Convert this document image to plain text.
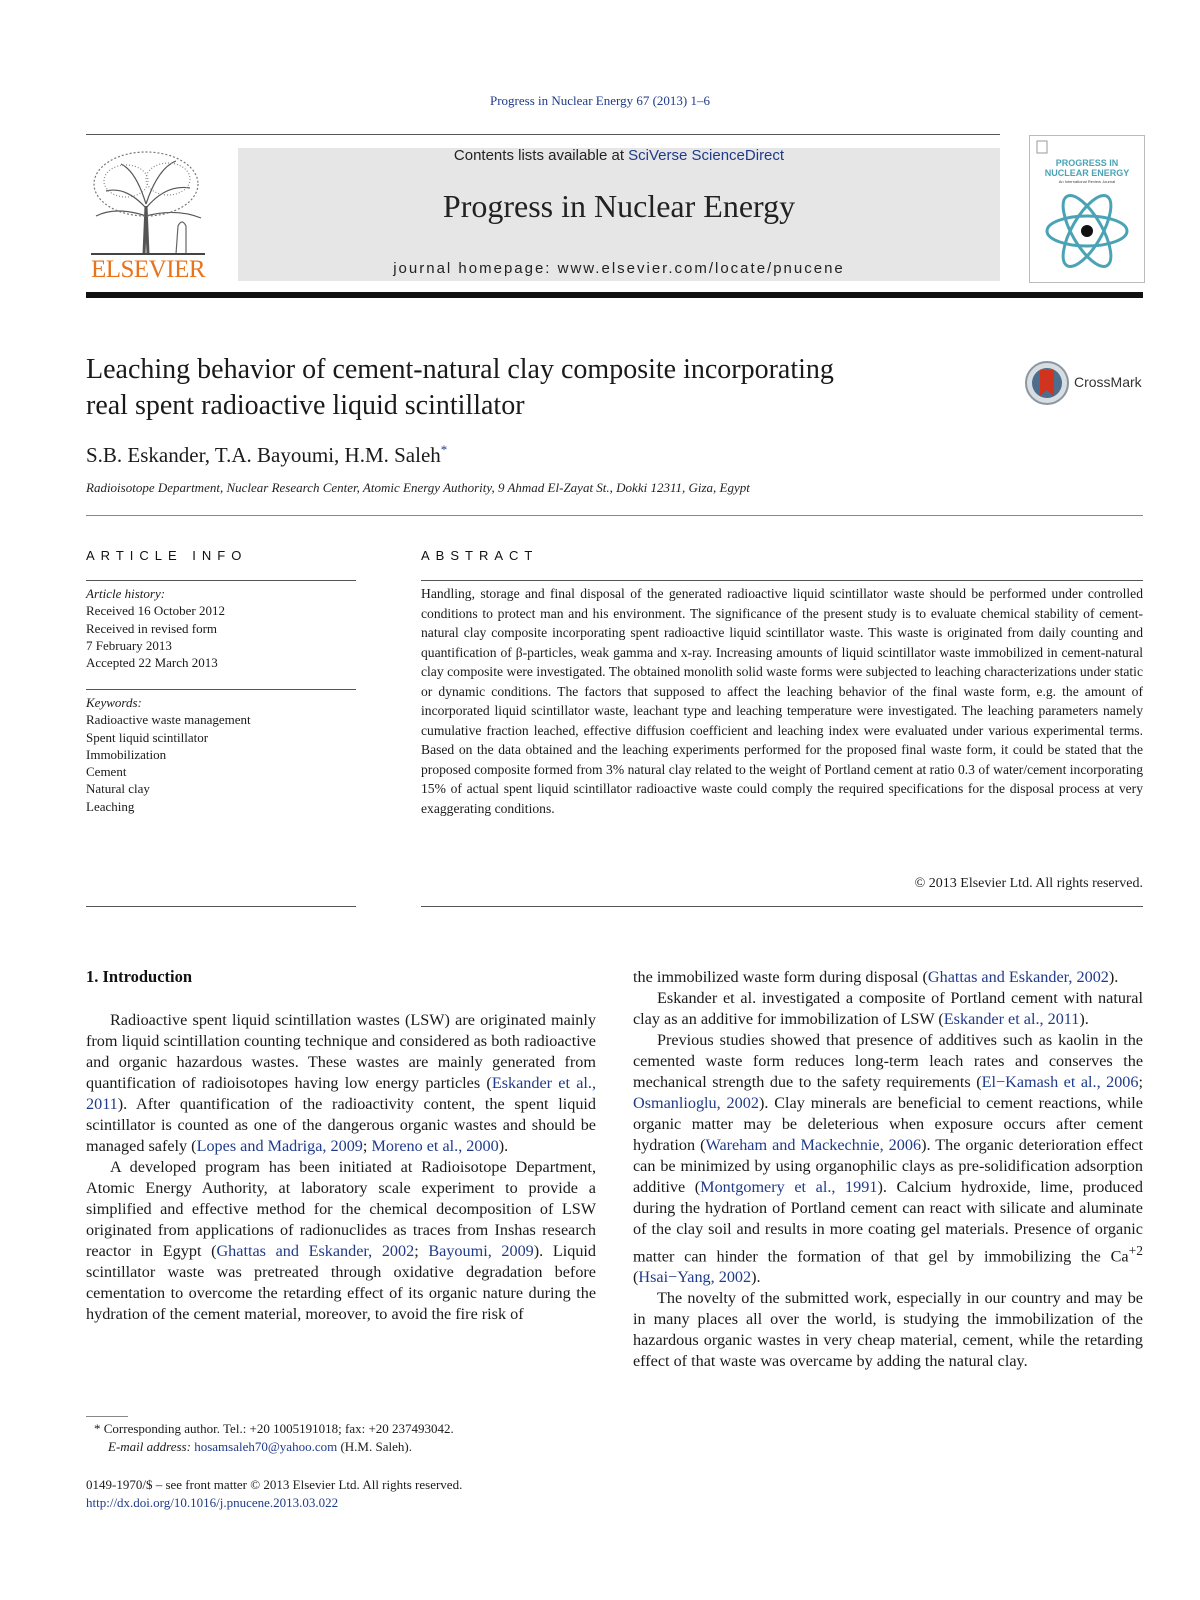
Progress in Nuclear Energy 67 (2013) 1–6
ELSEVIER
Contents lists available at SciVerse ScienceDirect
Progress in Nuclear Energy
journal homepage: www.elsevier.com/locate/pnucene
PROGRESS IN
NUCLEAR ENERGY
An International Review Journal
Leaching behavior of cement-natural clay composite incorporating
real spent radioactive liquid scintillator
CrossMark
S.B. Eskander, T.A. Bayoumi, H.M. Saleh*
Radioisotope Department, Nuclear Research Center, Atomic Energy Authority, 9 Ahmad El-Zayat St., Dokki 12311, Giza, Egypt
ARTICLE INFO	ABSTRACT
Article history:
Received 16 October 2012
Received in revised form
7 February 2013
Accepted 22 March 2013
Keywords:
Radioactive waste management
Spent liquid scintillator
Immobilization
Cement
Natural clay
Leaching
Handling, storage and final disposal of the generated radioactive liquid scintillator waste should be performed under controlled conditions to protect man and his environment. The significance of the present study is to evaluate chemical stability of cement-natural clay composite incorporating spent radioactive liquid scintillator waste. This waste is originated from daily counting and quantification of β-particles, weak gamma and x-ray. Increasing amounts of liquid scintillator waste immobilized in cement-natural clay composite were investigated. The obtained monolith solid waste forms were subjected to leaching characterizations under static or dynamic conditions. The factors that supposed to affect the leaching behavior of the final waste form, e.g. the amount of incorporated liquid scintillator waste, leachant type and leaching temperature were investigated. The leaching parameters namely cumulative fraction leached, effective diffusion coefficient and leaching index were evaluated under various experimental terms. Based on the data obtained and the leaching experiments performed for the proposed final waste form, it could be stated that the proposed composite formed from 3% natural clay related to the weight of Portland cement at ratio 0.3 of water/cement incorporating 15% of actual spent liquid scintillator radioactive waste could comply the required specifications for the disposal process at very exaggerating conditions.
© 2013 Elsevier Ltd. All rights reserved.
1. Introduction

Radioactive spent liquid scintillation wastes (LSW) are originated mainly from liquid scintillation counting technique and considered as both radioactive and organic hazardous wastes. These wastes are mainly generated from quantification of radioisotopes having low energy particles (Eskander et al., 2011). After quantification of the radioactivity content, the spent liquid scintillator is counted as one of the dangerous organic wastes and should be managed safely (Lopes and Madriga, 2009; Moreno et al., 2000).

A developed program has been initiated at Radioisotope Department, Atomic Energy Authority, at laboratory scale experiment to provide a simplified and effective method for the chemical decomposition of LSW originated from applications of radionuclides as traces from Inshas research reactor in Egypt (Ghattas and Eskander, 2002; Bayoumi, 2009). Liquid scintillator waste was pretreated through oxidative degradation before cementation to overcome the retarding effect of its organic nature during the hydration of the cement material, moreover, to avoid the fire risk of

the immobilized waste form during disposal (Ghattas and Eskander, 2002).

Eskander et al. investigated a composite of Portland cement with natural clay as an additive for immobilization of LSW (Eskander et al., 2011).

Previous studies showed that presence of additives such as kaolin in the cemented waste form reduces long-term leach rates and conserves the mechanical strength due to the safety requirements (El−Kamash et al., 2006; Osmanlioglu, 2002). Clay minerals are beneficial to cement reactions, while organic matter may be deleterious when exposure occurs after cement hydration (Wareham and Mackechnie, 2006). The organic deterioration effect can be minimized by using organophilic clays as pre-solidification adsorption additive (Montgomery et al., 1991). Calcium hydroxide, lime, produced during the hydration of Portland cement can react with silicate and aluminate of the clay soil and results in more coating gel materials. Presence of organic matter can hinder the formation of that gel by immobilizing the $Ca^{+2}$ (Hsai−Yang, 2002).

The novelty of the submitted work, especially in our country and may be in many places all over the world, is studying the immobilization of the hazardous organic wastes in very cheap material, cement, while the retarding effect of that waste was overcame by adding the natural clay.

* Corresponding author. Tel.: +20 1005191018; fax: +20 237493042.
E-mail address: hosamsaleh70@yahoo.com (H.M. Saleh).
0149-1970/$ – see front matter © 2013 Elsevier Ltd. All rights reserved.
http://dx.doi.org/10.1016/j.pnucene.2013.03.022
